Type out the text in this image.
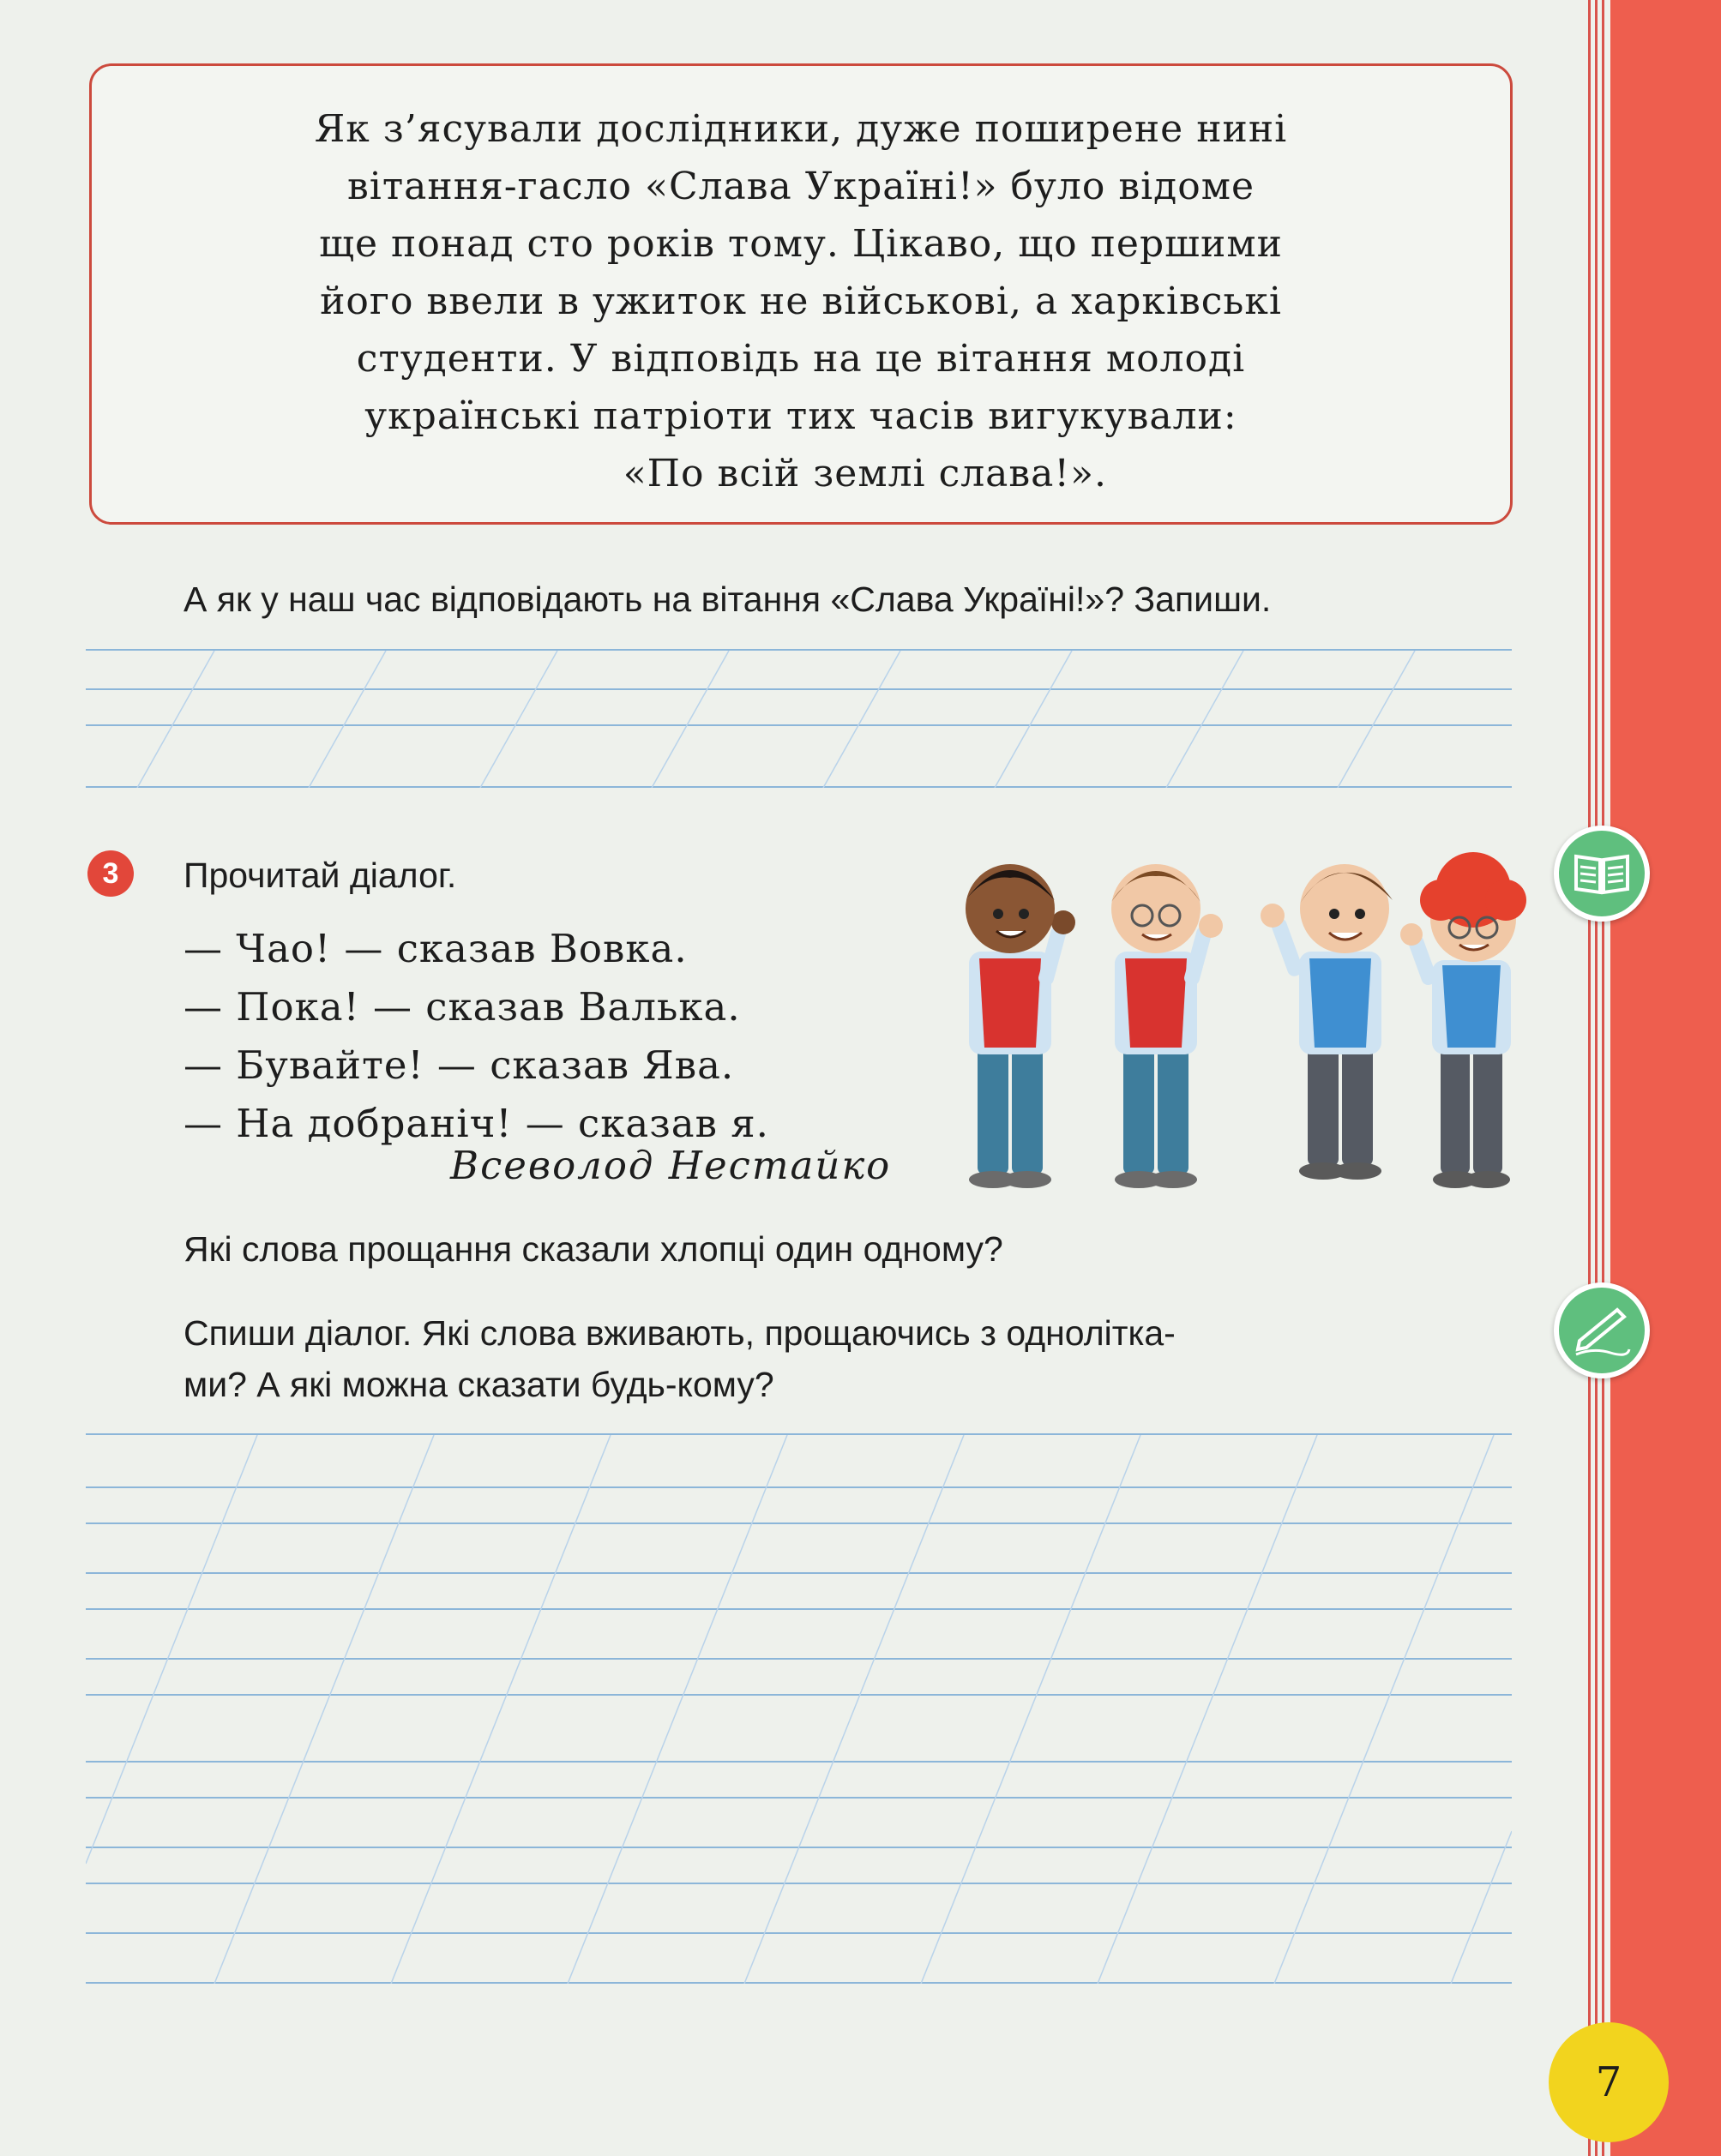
Як з’ясували дослідники, дуже поширене нині

вітання-гасло «Слава Україні!» було відоме

ще понад сто років тому. Цікаво, що першими

його ввели в ужиток не військові, а харківські

студенти. У відповідь на це вітання молоді

українські патріоти тих часів вигукували:

«По всій землі слава!».

А як у наш час відповідають на вітання «Слава Україні!»? Запиши.
3	Прочитай діалог.
— Чао! — сказав Вовка.
— Пока! — сказав Валька.
— Бувайте! — сказав Ява.
— На добраніч! — сказав я.
Всеволод Нестайко
Які слова прощання сказали хлопці один одному?
Спиши діалог. Які слова вживають, прощаючись з однолітка-
ми? А які можна сказати будь-кому?
7
